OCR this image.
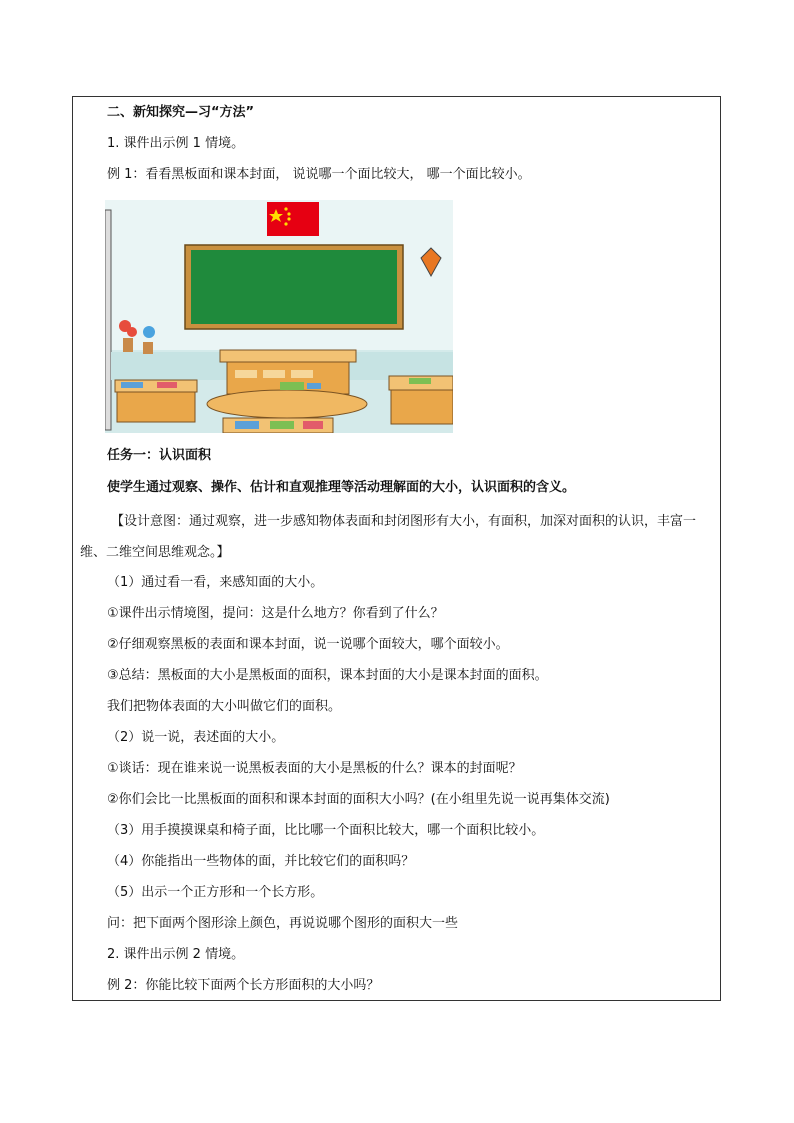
二、新知探究—习“方法”
1. 课件出示例 1 情境。
例 1：看看黑板面和课本封面， 说说哪一个面比较大， 哪一个面比较小。
任务一：认识面积
使学生通过观察、操作、估计和直观推理等活动理解面的大小，认识面积的含义。
【设计意图：通过观察，进一步感知物体表面和封闭图形有大小，有面积，加深对面积的认识，丰富一维、二维空间思维观念。】
（1）通过看一看，来感知面的大小。
①课件出示情境图，提问：这是什么地方？你看到了什么？
②仔细观察黑板的表面和课本封面，说一说哪个面较大，哪个面较小。
③总结：黑板面的大小是黑板面的面积，课本封面的大小是课本封面的面积。
我们把物体表面的大小叫做它们的面积。
（2）说一说，表述面的大小。
①谈话：现在谁来说一说黑板表面的大小是黑板的什么？课本的封面呢？
②你们会比一比黑板面的面积和课本封面的面积大小吗？(在小组里先说一说再集体交流)
（3）用手摸摸课桌和椅子面，比比哪一个面积比较大，哪一个面积比较小。
（4）你能指出一些物体的面，并比较它们的面积吗？
（5）出示一个正方形和一个长方形。
问：把下面两个图形涂上颜色，再说说哪个图形的面积大一些
2. 课件出示例 2 情境。
例 2：你能比较下面两个长方形面积的大小吗？
